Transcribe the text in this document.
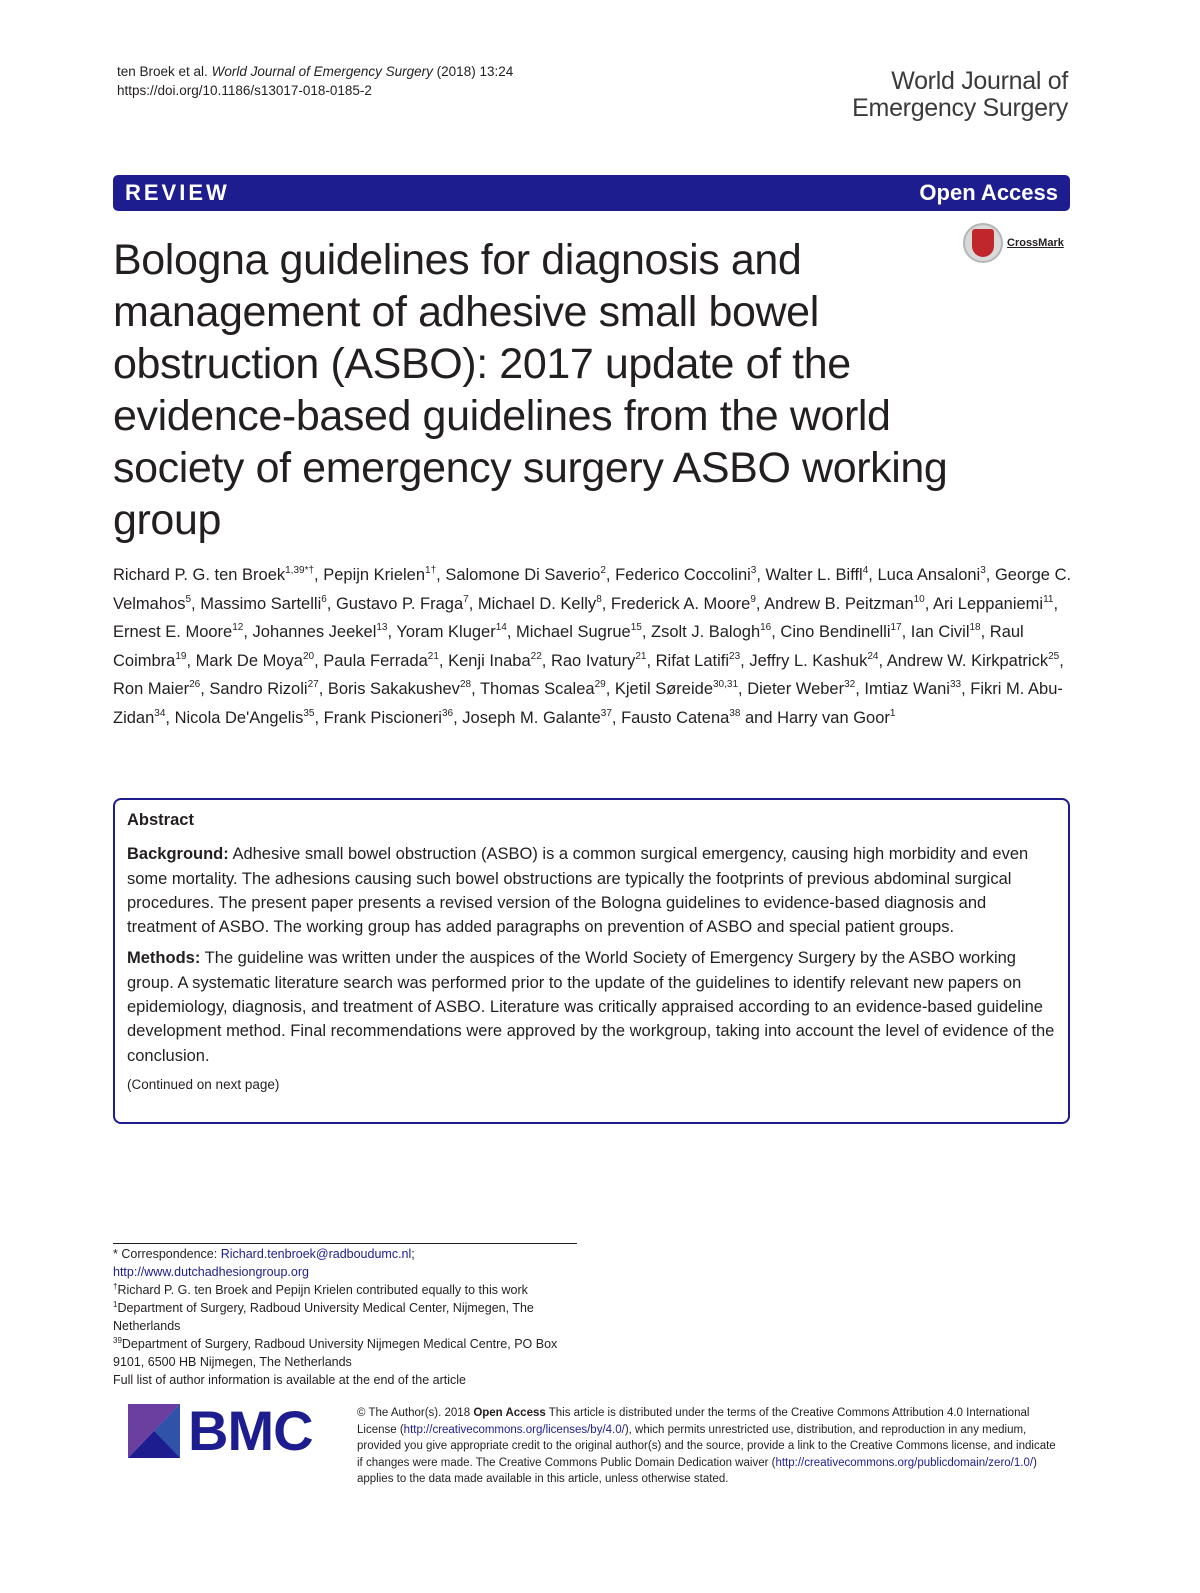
ten Broek et al. World Journal of Emergency Surgery (2018) 13:24
https://doi.org/10.1186/s13017-018-0185-2	World Journal of
Emergency Surgery
REVIEW	Open Access
CrossMark
Bologna guidelines for diagnosis and management of adhesive small bowel obstruction (ASBO): 2017 update of the evidence-based guidelines from the world society of emergency surgery ASBO working group
Richard P. G. ten Broek$^{1,39*\dagger}$, Pepijn Krielen$^{1\dagger}$, Salomone Di Saverio$^2$, Federico Coccolini$^3$, Walter L. Biffl$^4$, Luca Ansaloni$^3$, George C. Velmahos$^5$, Massimo Sartelli$^6$, Gustavo P. Fraga$^7$, Michael D. Kelly$^8$, Frederick A. Moore$^9$, Andrew B. Peitzman$^{10}$, Ari Leppaniemi$^{11}$, Ernest E. Moore$^{12}$, Johannes Jeekel$^{13}$, Yoram Kluger$^{14}$, Michael Sugrue$^{15}$, Zsolt J. Balogh$^{16}$, Cino Bendinelli$^{17}$, Ian Civil$^{18}$, Raul Coimbra$^{19}$, Mark De Moya$^{20}$, Paula Ferrada$^{21}$, Kenji Inaba$^{22}$, Rao Ivatury$^{21}$, Rifat Latifi$^{23}$, Jeffry L. Kashuk$^{24}$, Andrew W. Kirkpatrick$^{25}$, Ron Maier$^{26}$, Sandro Rizoli$^{27}$, Boris Sakakushev$^{28}$, Thomas Scalea$^{29}$, Kjetil Søreide$^{30,31}$, Dieter Weber$^{32}$, Imtiaz Wani$^{33}$, Fikri M. Abu-Zidan$^{34}$, Nicola De'Angelis$^{35}$, Frank Piscioneri$^{36}$, Joseph M. Galante$^{37}$, Fausto Catena$^{38}$ and Harry van Goor$^1$
Abstract

Background: Adhesive small bowel obstruction (ASBO) is a common surgical emergency, causing high morbidity and even some mortality. The adhesions causing such bowel obstructions are typically the footprints of previous abdominal surgical procedures. The present paper presents a revised version of the Bologna guidelines to evidence-based diagnosis and treatment of ASBO. The working group has added paragraphs on prevention of ASBO and special patient groups.

Methods: The guideline was written under the auspices of the World Society of Emergency Surgery by the ASBO working group. A systematic literature search was performed prior to the update of the guidelines to identify relevant new papers on epidemiology, diagnosis, and treatment of ASBO. Literature was critically appraised according to an evidence-based guideline development method. Final recommendations were approved by the workgroup, taking into account the level of evidence of the conclusion.

(Continued on next page)

* Correspondence: Richard.tenbroek@radboudumc.nl; http://www.dutchadhesiongroup.org

†Richard P. G. ten Broek and Pepijn Krielen contributed equally to this work

$^1$Department of Surgery, Radboud University Medical Center, Nijmegen, The Netherlands

$^{39}$Department of Surgery, Radboud University Nijmegen Medical Centre, PO Box 9101, 6500 HB Nijmegen, The Netherlands

Full list of author information is available at the end of the article

BMC	© The Author(s). 2018 Open Access This article is distributed under the terms of the Creative Commons Attribution 4.0 International License (http://creativecommons.org/licenses/by/4.0/), which permits unrestricted use, distribution, and reproduction in any medium, provided you give appropriate credit to the original author(s) and the source, provide a link to the Creative Commons license, and indicate if changes were made. The Creative Commons Public Domain Dedication waiver (http://creativecommons.org/publicdomain/zero/1.0/) applies to the data made available in this article, unless otherwise stated.
